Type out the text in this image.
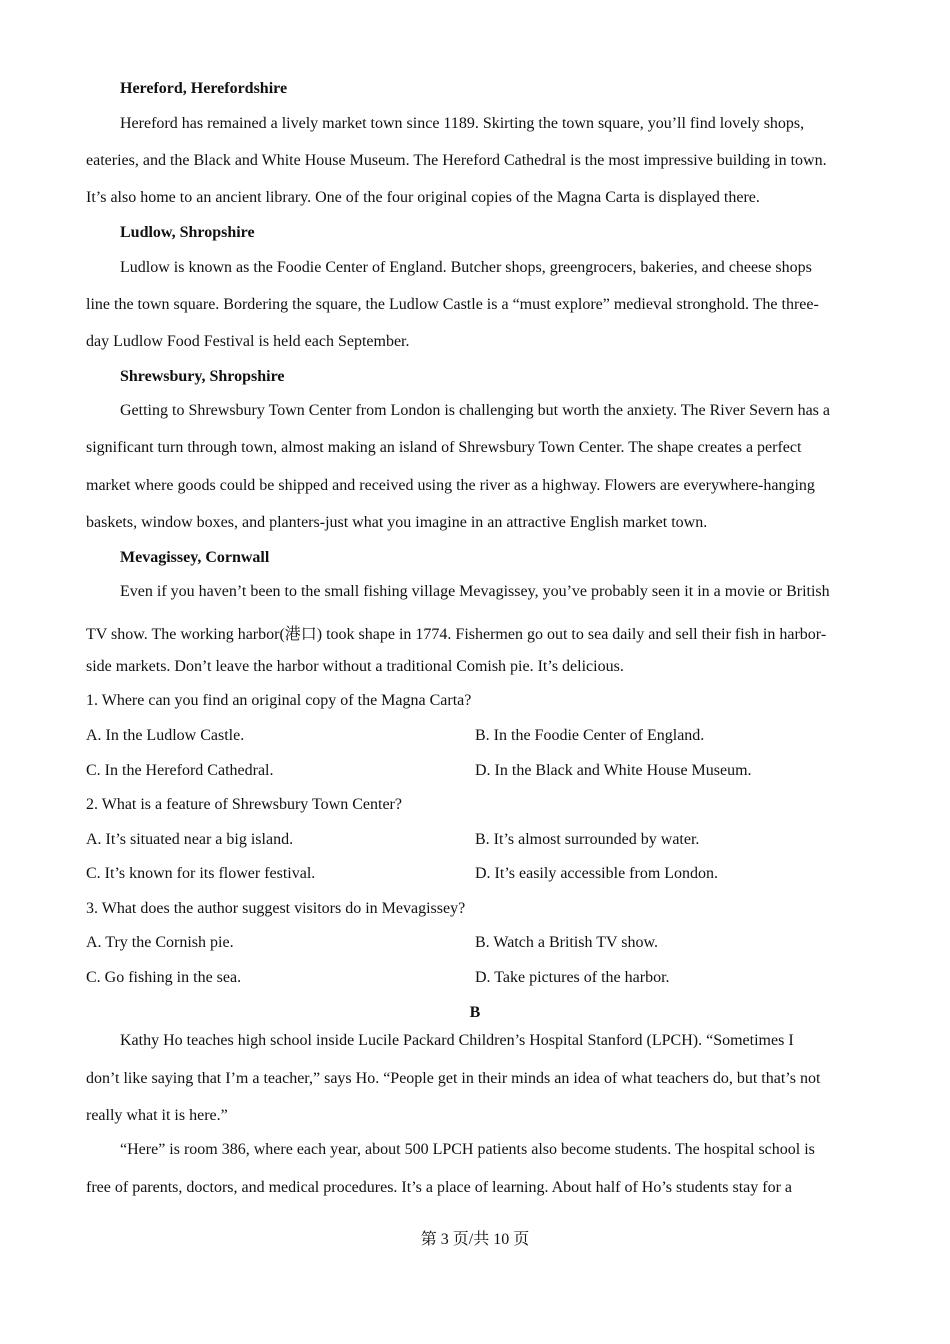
Hereford, Herefordshire
Hereford has remained a lively market town since 1189. Skirting the town square, you’ll find lovely shops,
eateries, and the Black and White House Museum. The Hereford Cathedral is the most impressive building in town.
It’s also home to an ancient library. One of the four original copies of the Magna Carta is displayed there.
Ludlow, Shropshire
Ludlow is known as the Foodie Center of England. Butcher shops, greengrocers, bakeries, and cheese shops
line the town square. Bordering the square, the Ludlow Castle is a “must explore” medieval stronghold. The three-
day Ludlow Food Festival is held each September.
Shrewsbury, Shropshire
Getting to Shrewsbury Town Center from London is challenging but worth the anxiety. The River Severn has a
significant turn through town, almost making an island of Shrewsbury Town Center. The shape creates a perfect
market where goods could be shipped and received using the river as a highway. Flowers are everywhere-hanging
baskets, window boxes, and planters-just what you imagine in an attractive English market town.
Mevagissey, Cornwall
Even if you haven’t been to the small fishing village Mevagissey, you’ve probably seen it in a movie or British
TV show. The working harbor(港口) took shape in 1774. Fishermen go out to sea daily and sell their fish in harbor-
side markets. Don’t leave the harbor without a traditional Comish pie. It’s delicious.
1. Where can you find an original copy of the Magna Carta?
A. In the Ludlow Castle.	B. In the Foodie Center of England.
C. In the Hereford Cathedral.	D. In the Black and White House Museum.
2. What is a feature of Shrewsbury Town Center?
A. It’s situated near a big island.	B. It’s almost surrounded by water.
C. It’s known for its flower festival.	D. It’s easily accessible from London.
3. What does the author suggest visitors do in Mevagissey?
A. Try the Cornish pie.	B. Watch a British TV show.
C. Go fishing in the sea.	D. Take pictures of the harbor.
B
Kathy Ho teaches high school inside Lucile Packard Children’s Hospital Stanford (LPCH). “Sometimes I
don’t like saying that I’m a teacher,” says Ho. “People get in their minds an idea of what teachers do, but that’s not
really what it is here.”
“Here” is room 386, where each year, about 500 LPCH patients also become students. The hospital school is
free of parents, doctors, and medical procedures. It’s a place of learning. About half of Ho’s students stay for a
第 3 页/共 10 页
